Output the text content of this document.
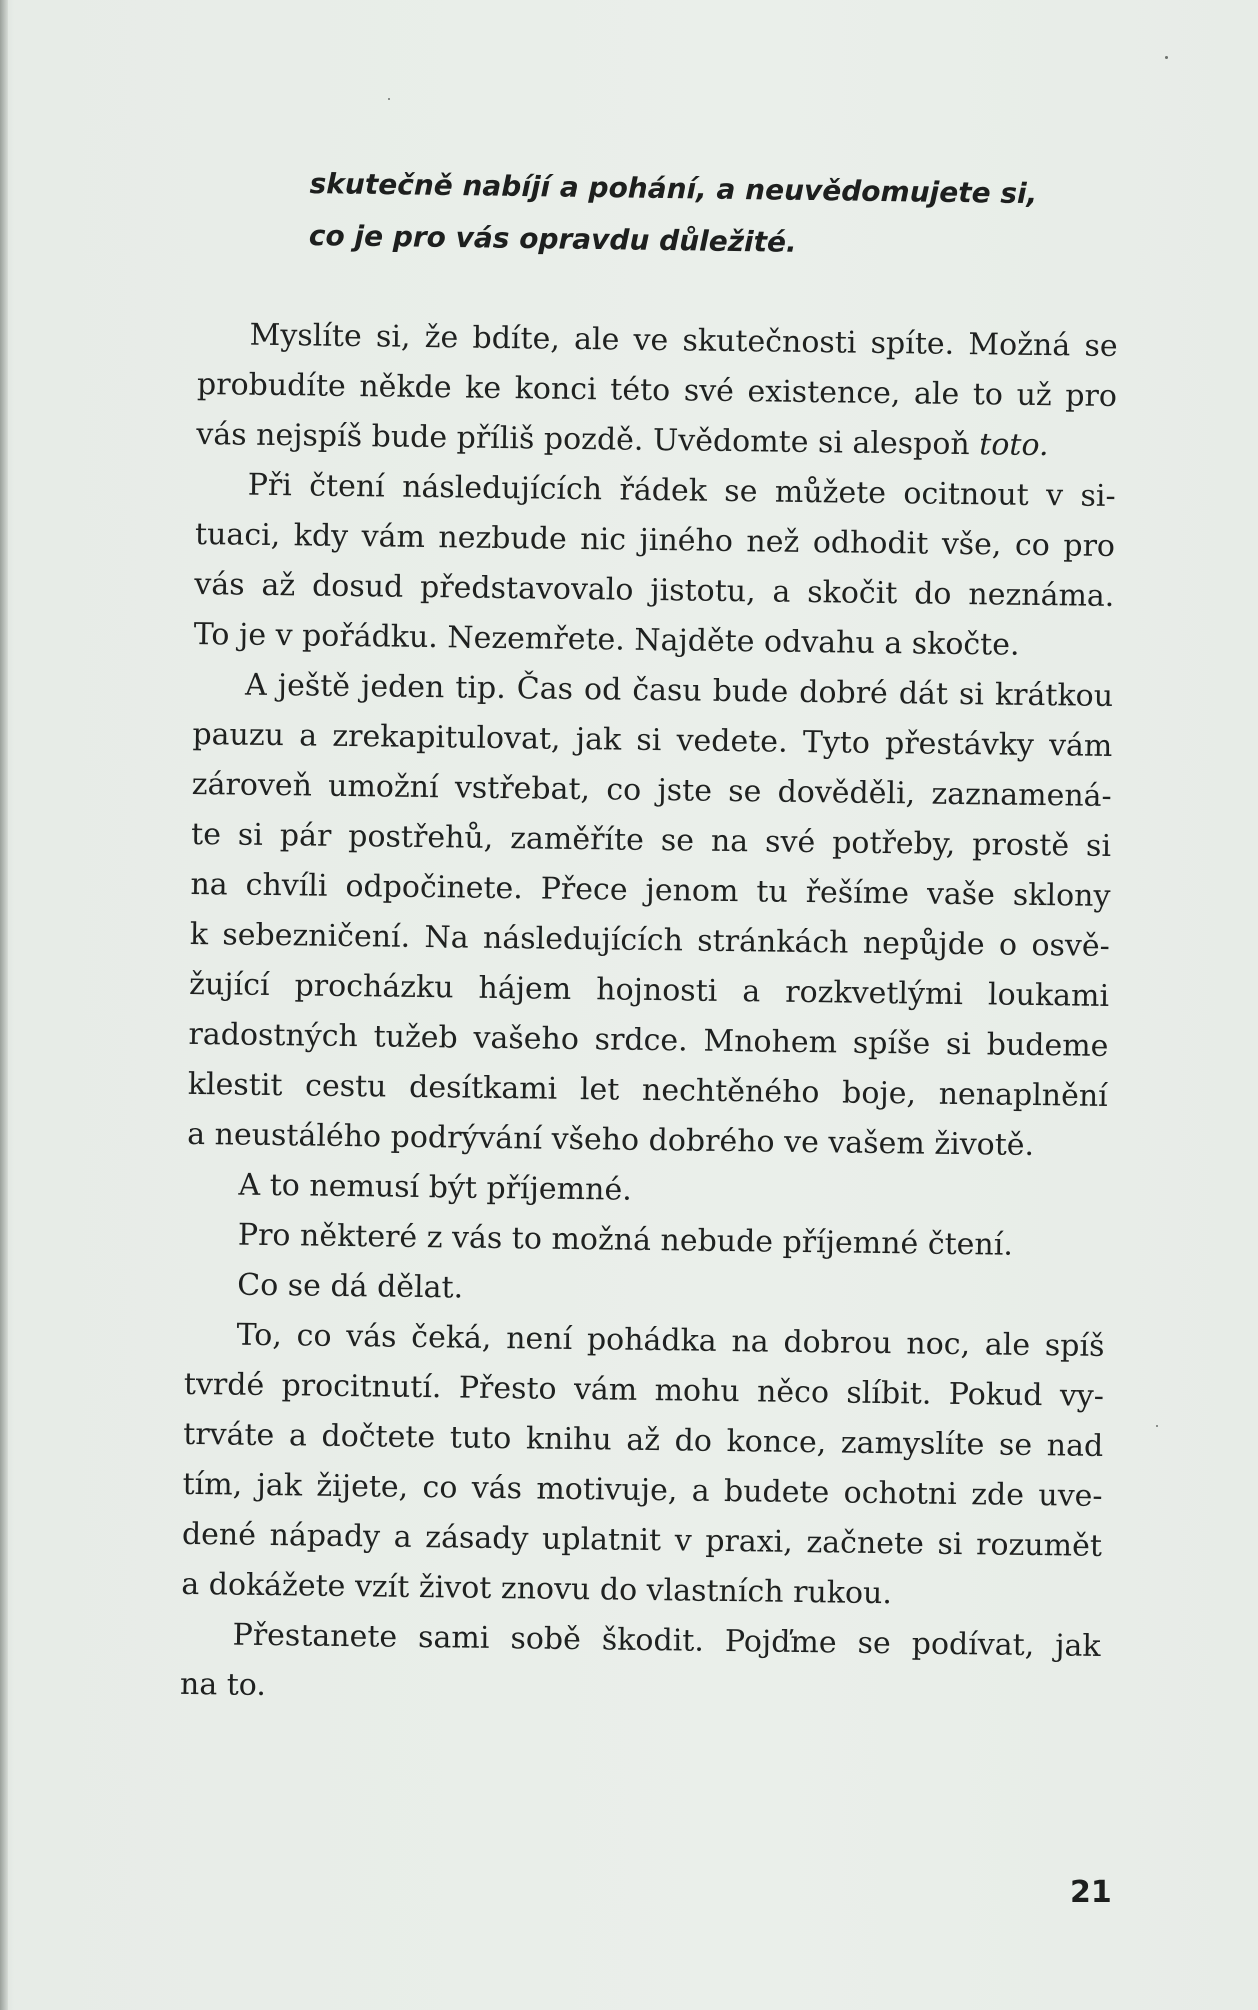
skutečně nabíjí a pohání, a neuvědomujete si,
co je pro vás opravdu důležité.
Myslíte si, že bdíte, ale ve skutečnosti spíte. Možná se
probudíte někde ke konci této své existence, ale to už pro
vás nejspíš bude příliš pozdě. Uvědomte si alespoň toto.
Při čtení následujících řádek se můžete ocitnout v si-
tuaci, kdy vám nezbude nic jiného než odhodit vše, co pro
vás až dosud představovalo jistotu, a skočit do neznáma.
To je v pořádku. Nezemřete. Najděte odvahu a skočte.
A ještě jeden tip. Čas od času bude dobré dát si krátkou
pauzu a zrekapitulovat, jak si vedete. Tyto přestávky vám
zároveň umožní vstřebat, co jste se dověděli, zaznamená-
te si pár postřehů, zaměříte se na své potřeby, prostě si
na chvíli odpočinete. Přece jenom tu řešíme vaše sklony
k sebezničení. Na následujících stránkách nepůjde o osvě-
žující procházku hájem hojnosti a rozkvetlými loukami
radostných tužeb vašeho srdce. Mnohem spíše si budeme
klestit cestu desítkami let nechtěného boje, nenaplnění
a neustálého podrývání všeho dobrého ve vašem životě.
A to nemusí být příjemné.
Pro některé z vás to možná nebude příjemné čtení.
Co se dá dělat.
To, co vás čeká, není pohádka na dobrou noc, ale spíš
tvrdé procitnutí. Přesto vám mohu něco slíbit. Pokud vy-
trváte a dočtete tuto knihu až do konce, zamyslíte se nad
tím, jak žijete, co vás motivuje, a budete ochotni zde uve-
dené nápady a zásady uplatnit v praxi, začnete si rozumět
a dokážete vzít život znovu do vlastních rukou.
Přestanete sami sobě škodit. Pojďme se podívat, jak
na to.
21
